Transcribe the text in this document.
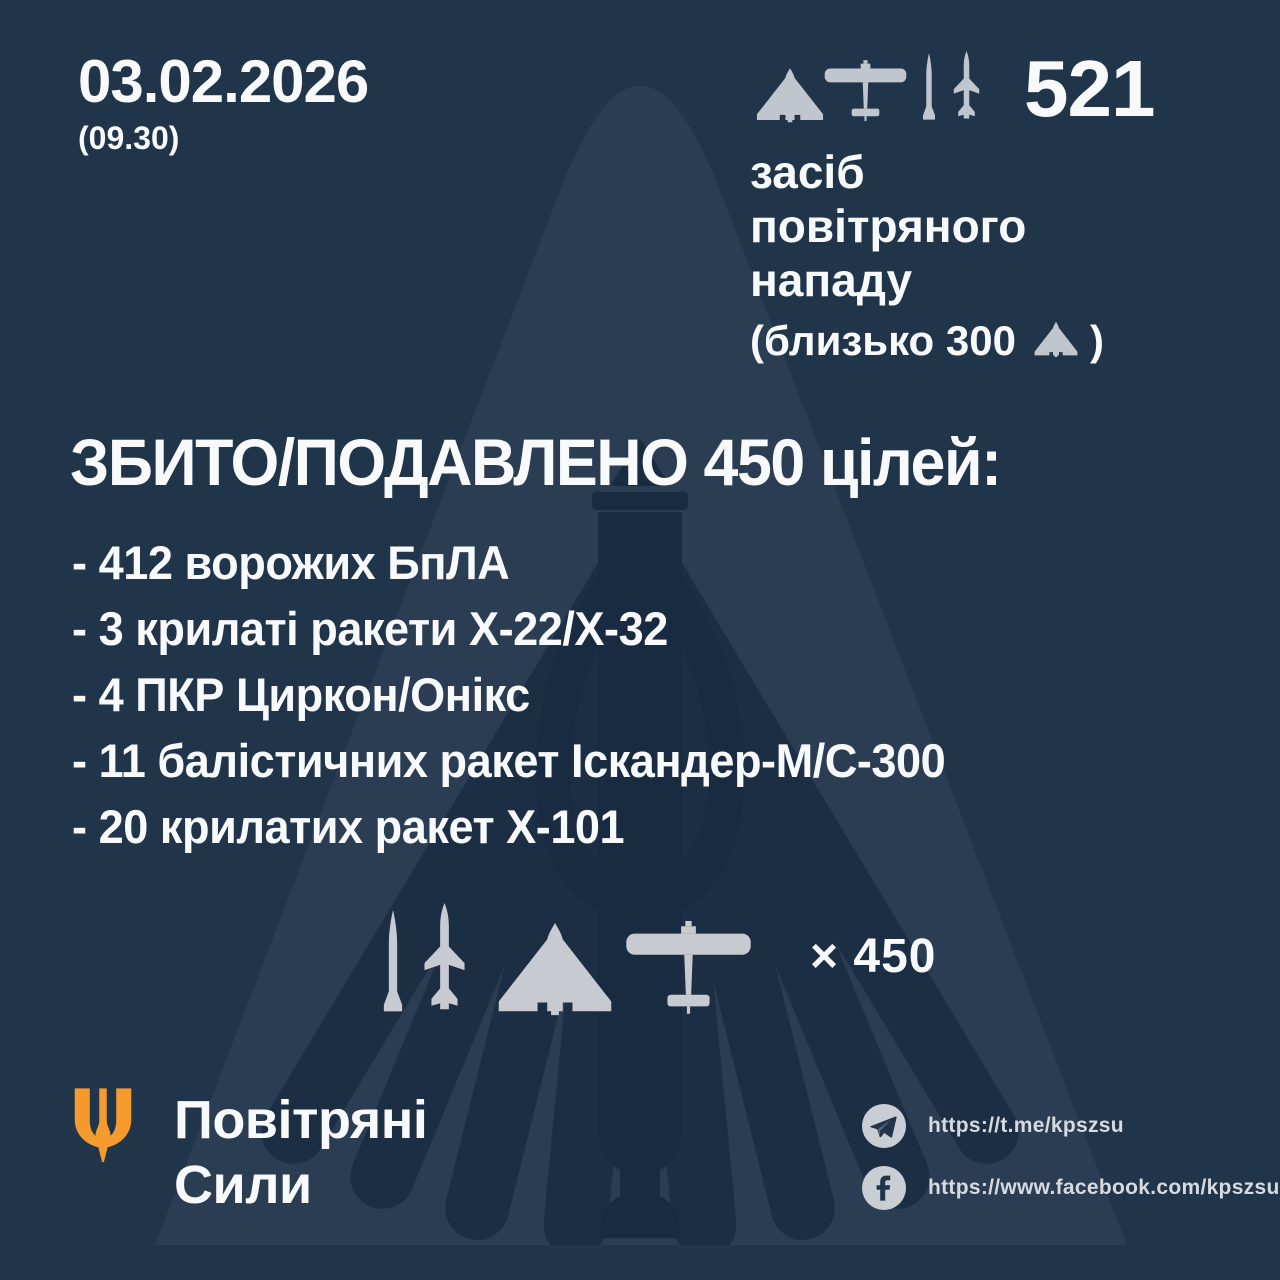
03.02.2026
(09.30)
521
засіб
повітряного
нападу
(близько 300 )
ЗБИТО/ПОДАВЛЕНО 450 цілей:
- 412 ворожих БпЛА
- 3 крилаті ракети Х-22/Х-32
- 4 ПКР Циркон/Онікс
- 11 балістичних ракет Іскандер-М/С-300
- 20 крилатих ракет Х-101
× 450
Повітряні
Сили
https://t.me/kpszsu
https://www.facebook.com/kpszsu
